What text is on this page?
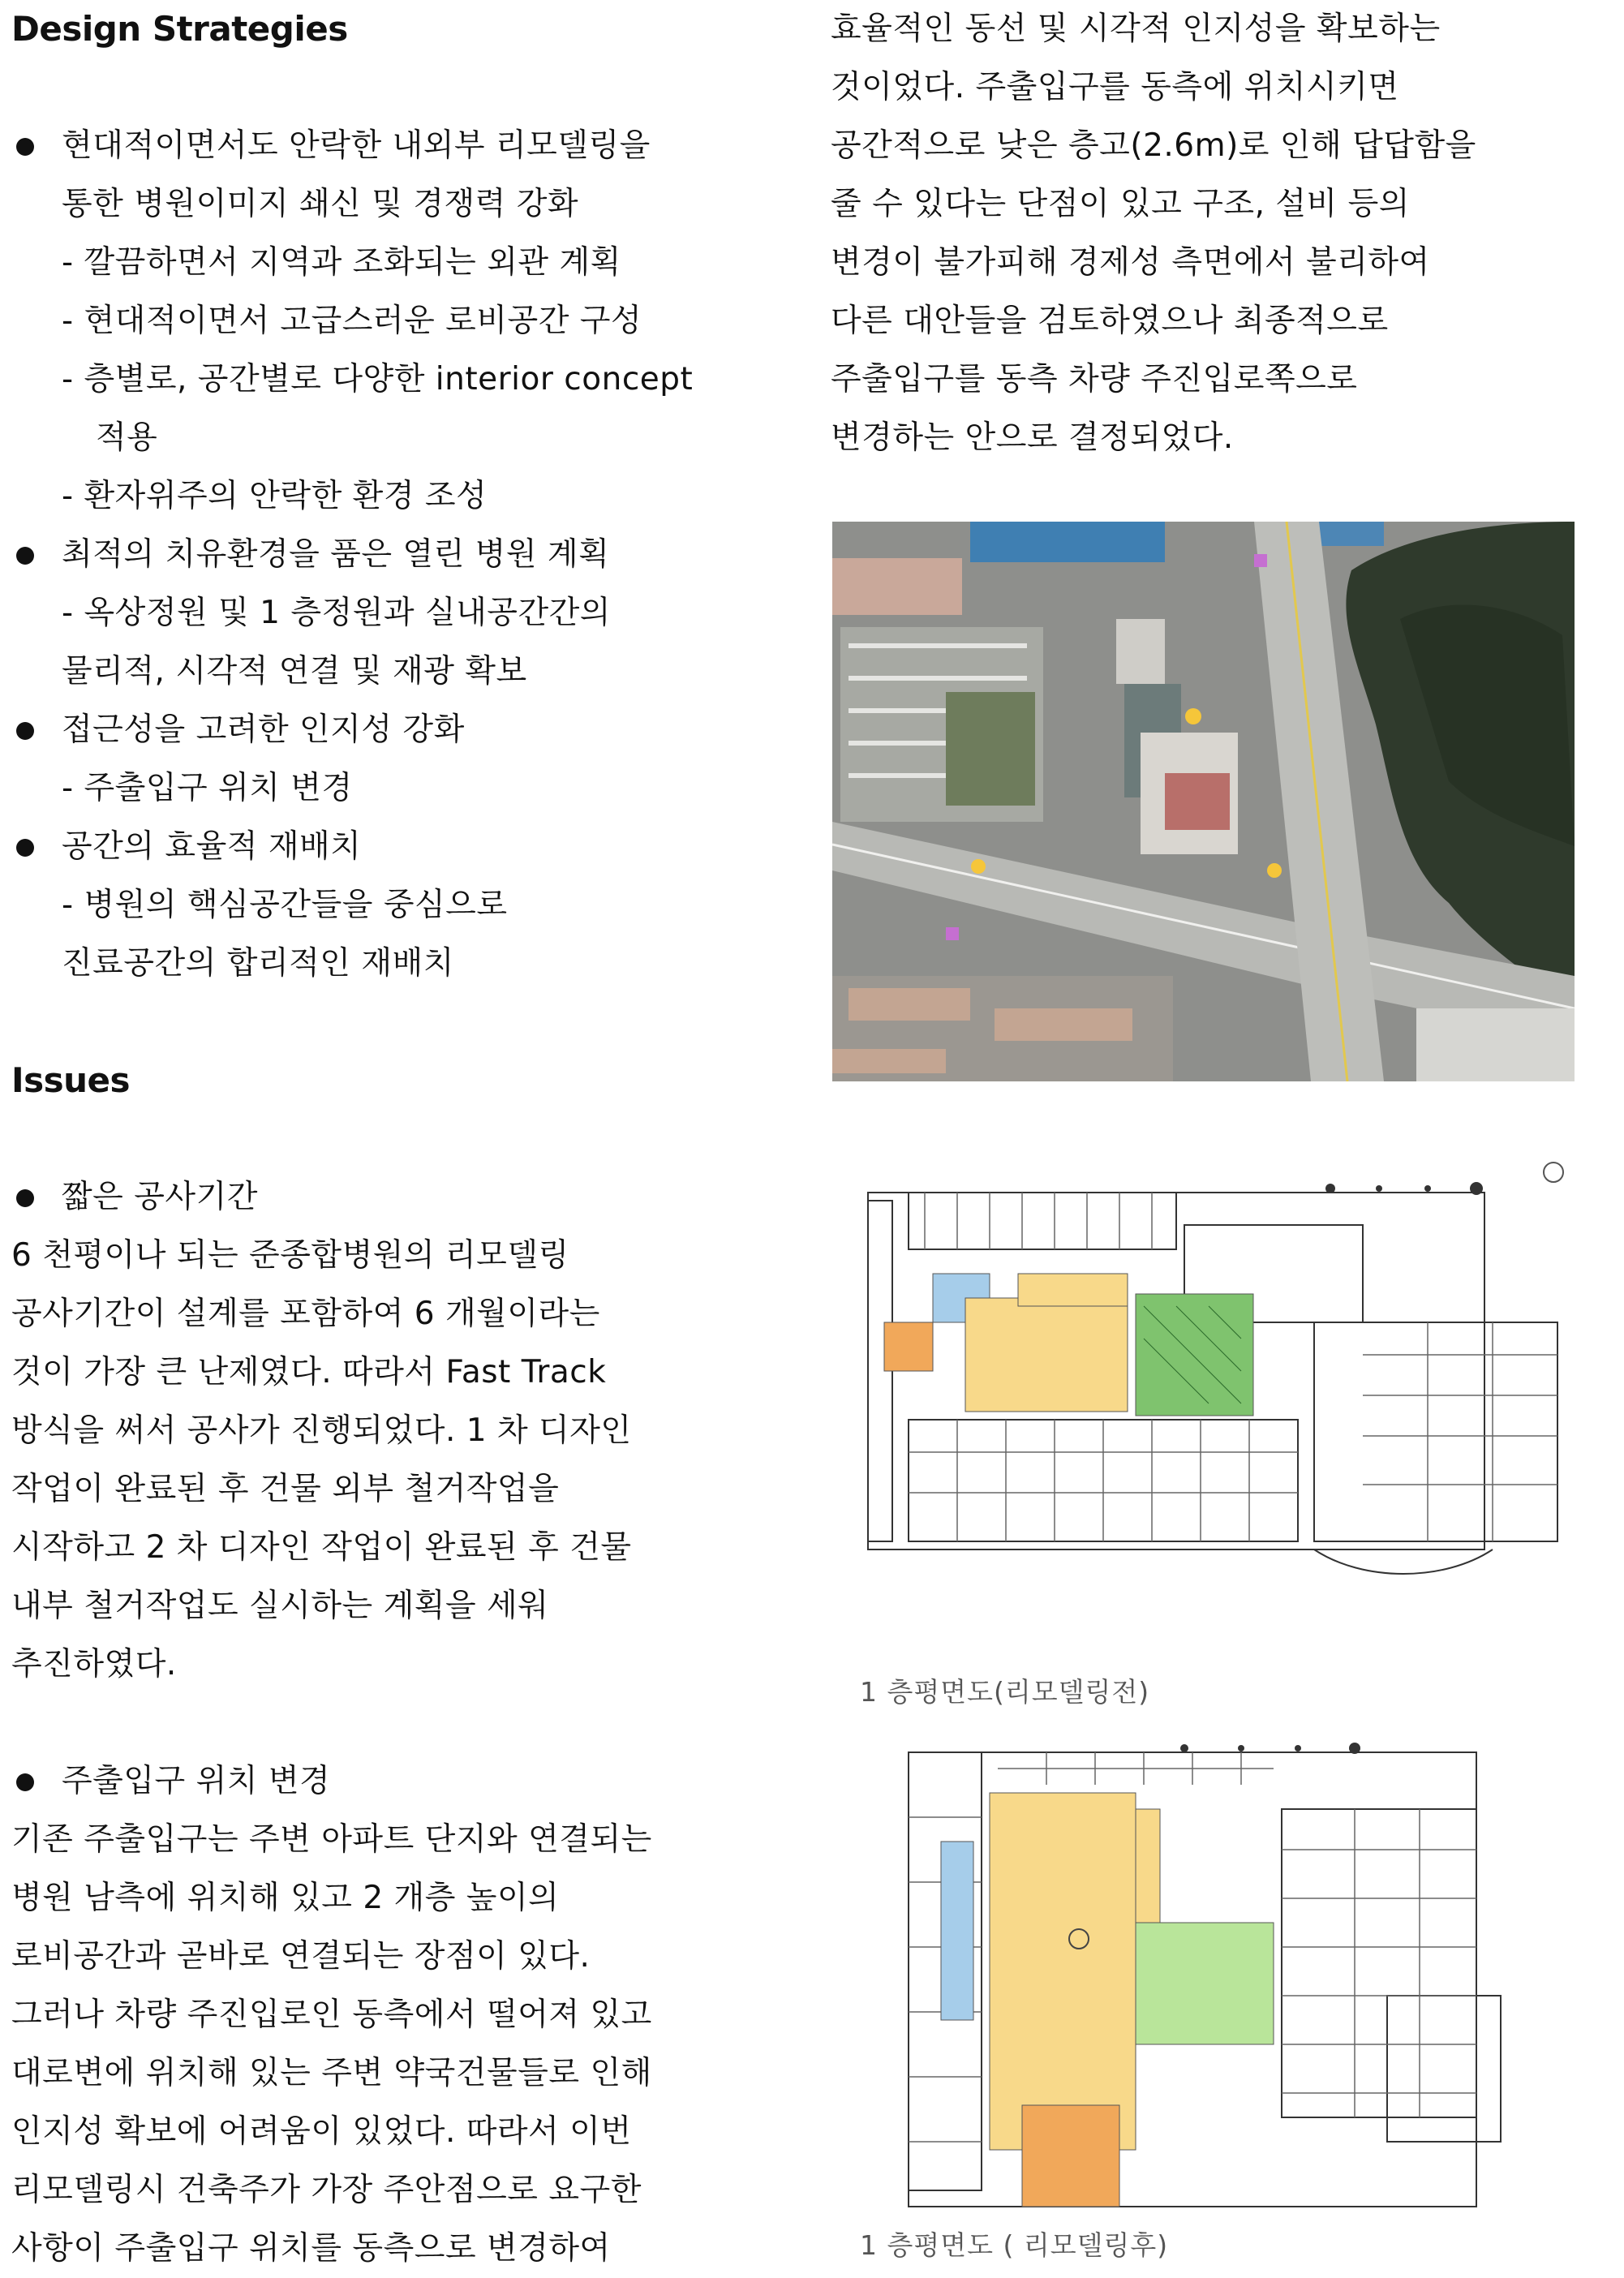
Design Strategies

현대적이면서도 안락한 내외부 리모델링을

통한 병원이미지 쇄신 및 경쟁력 강화

- 깔끔하면서 지역과 조화되는 외관 계획

- 현대적이면서 고급스러운 로비공간 구성

- 층별로, 공간별로 다양한 interior concept

적용

- 환자위주의 안락한 환경 조성

최적의 치유환경을 품은 열린 병원 계획

- 옥상정원 및 1 층정원과 실내공간간의

물리적, 시각적 연결 및 재광 확보

접근성을 고려한 인지성 강화

- 주출입구 위치 변경

공간의 효율적 재배치

- 병원의 핵심공간들을 중심으로

진료공간의 합리적인 재배치

Issues

짧은 공사기간

6 천평이나 되는 준종합병원의 리모델링

공사기간이 설계를 포함하여 6 개월이라는

것이 가장 큰 난제였다. 따라서 Fast Track

방식을 써서 공사가 진행되었다. 1 차 디자인

작업이 완료된 후 건물 외부 철거작업을

시작하고 2 차 디자인 작업이 완료된 후 건물

내부 철거작업도 실시하는 계획을 세워

추진하였다.

주출입구 위치 변경

기존 주출입구는 주변 아파트 단지와 연결되는

병원 남측에 위치해 있고 2 개층 높이의

로비공간과 곧바로 연결되는 장점이 있다.

그러나 차량 주진입로인 동측에서 떨어져 있고

대로변에 위치해 있는 주변 약국건물들로 인해

인지성 확보에 어려움이 있었다. 따라서 이번

리모델링시 건축주가 가장 주안점으로 요구한

사항이 주출입구 위치를 동측으로 변경하여

효율적인 동선 및 시각적 인지성을 확보하는

것이었다. 주출입구를 동측에 위치시키면

공간적으로 낮은 층고(2.6m)로 인해 답답함을

줄 수 있다는 단점이 있고 구조, 설비 등의

변경이 불가피해 경제성 측면에서 불리하여

다른 대안들을 검토하였으나 최종적으로

주출입구를 동측 차량 주진입로쪽으로

변경하는 안으로 결정되었다.

1 층평면도(리모델링전)
1 층평면도 ( 리모델링후)
